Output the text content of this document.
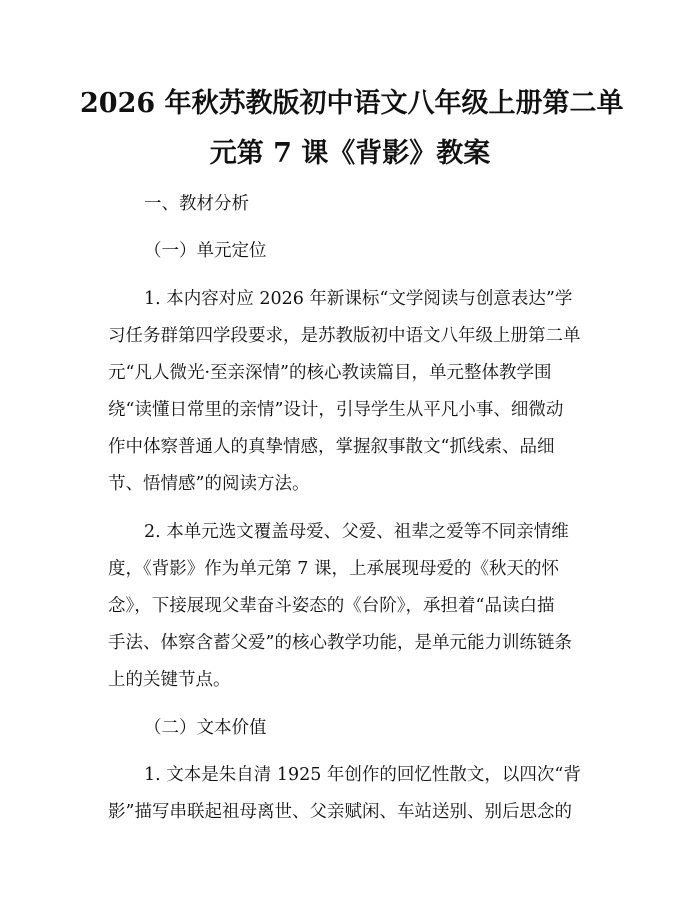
2026 年秋苏教版初中语文八年级上册第二单
元第 7 课《背影》教案
一、教材分析
（一）单元定位
1. 本内容对应 2026 年新课标“文学阅读与创意表达”学
习任务群第四学段要求，是苏教版初中语文八年级上册第二单
元“凡人微光·至亲深情”的核心教读篇目，单元整体教学围
绕“读懂日常里的亲情”设计，引导学生从平凡小事、细微动
作中体察普通人的真挚情感，掌握叙事散文“抓线索、品细
节、悟情感”的阅读方法。
2. 本单元选文覆盖母爱、父爱、祖辈之爱等不同亲情维
度，《背影》作为单元第 7 课，上承展现母爱的《秋天的怀
念》，下接展现父辈奋斗姿态的《台阶》，承担着“品读白描
手法、体察含蓄父爱”的核心教学功能，是单元能力训练链条
上的关键节点。
（二）文本价值
1. 文本是朱自清 1925 年创作的回忆性散文，以四次“背
影”描写串联起祖母离世、父亲赋闲、车站送别、别后思念的
